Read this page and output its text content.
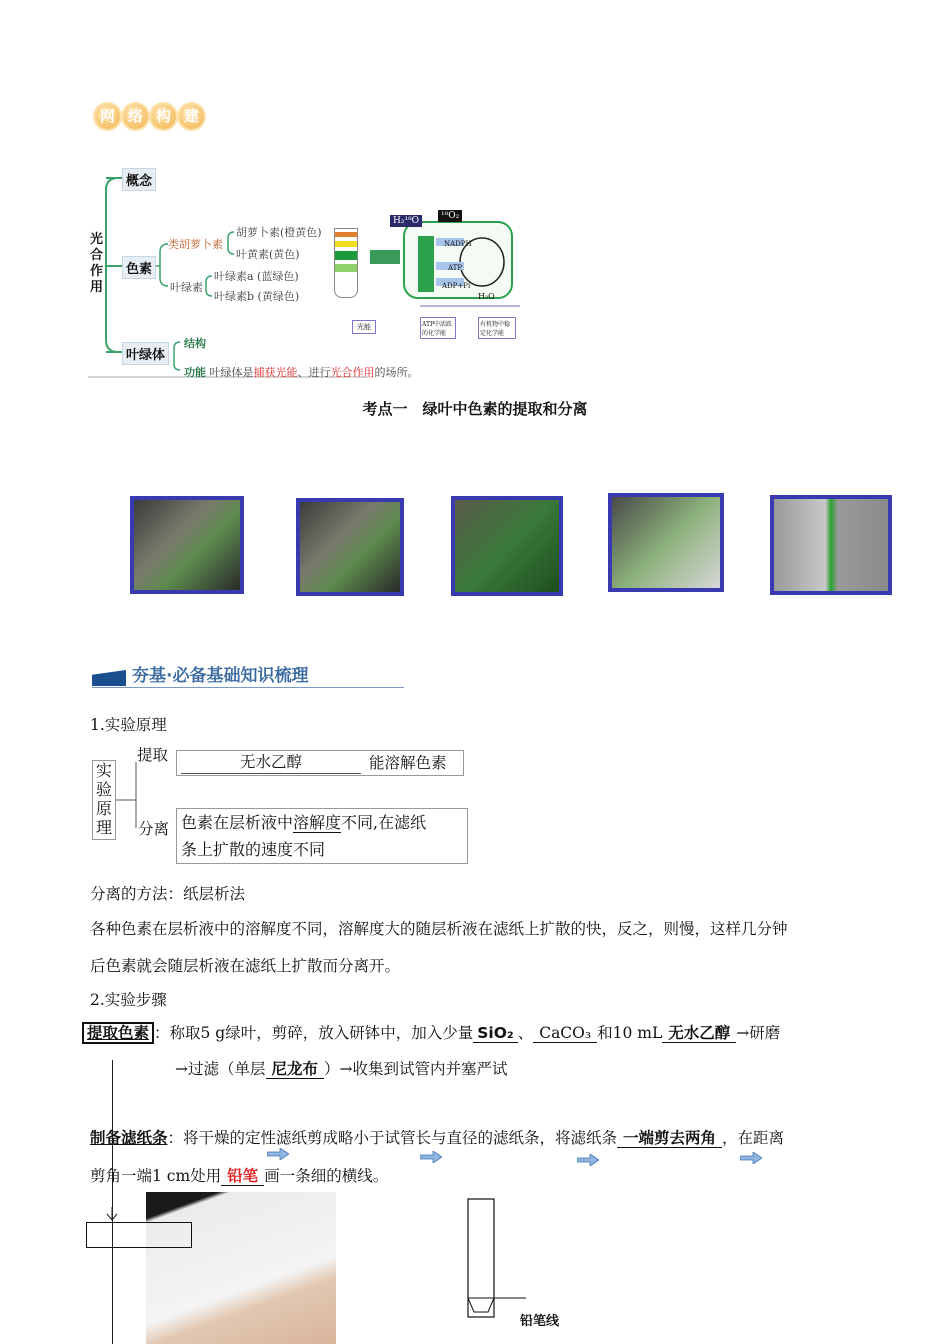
网 络 构 建
光合作用
概念
色素
叶绿体
类胡萝卜素
胡萝卜素(橙黄色)
叶黄素(黄色)
叶绿素
叶绿素a (蓝绿色)
叶绿素b (黄绿色)
结构
功能 叶绿体是捕获光能、进行光合作用的场所。
H₂¹⁸O	¹⁸O₂
NADPH
ATP
ADP+Pi
H₂O
光能	ATP中活跃的化学能
有机物中稳定化学能
考点一　绿叶中色素的提取和分离
夯基·必备基础知识梳理
1.实验原理
实
验
原
理
提取	无水乙醇	能溶解色素
分离 色素在层析液中溶解度不同,在滤纸
条上扩散的速度不同
分离的方法：纸层析法
各种色素在层析液中的溶解度不同，溶解度大的随层析液在滤纸上扩散的快，反之，则慢，这样几分钟
后色素就会随层析液在滤纸上扩散而分离开。
2.实验步骤
提取色素 ：称取5 g绿叶，剪碎，放入研钵中，加入少量 SiO₂ 、 CaCO₃ 和10 mL 无水乙醇 →研磨
→过滤（单层 尼龙布 ）→收集到试管内并塞严试
制备滤纸条：将干燥的定性滤纸剪成略小于试管长与直径的滤纸条，将滤纸条 一端剪去两角 ，在距离
剪角一端1 cm处用 铅笔 画一条细的横线。
铅笔线
